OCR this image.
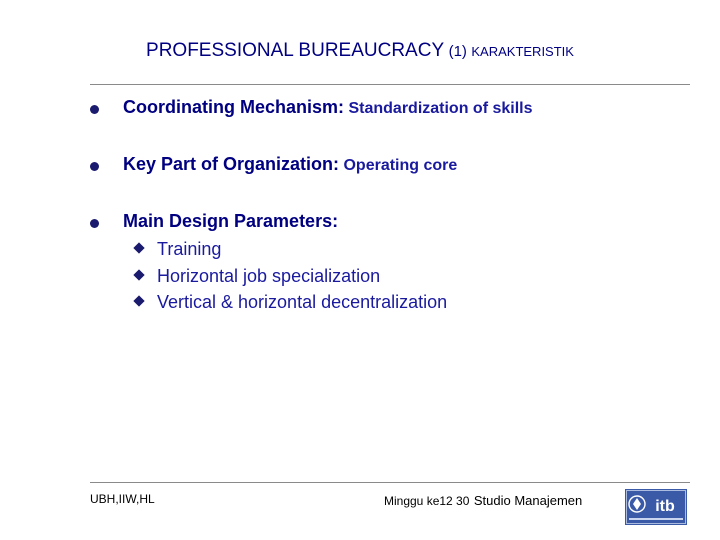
PROFESSIONAL BUREAUCRACY (1) KARAKTERISTIK
Coordinating Mechanism: Standardization of skills
Key Part of Organization: Operating core
Main Design Parameters:
Training
Horizontal job specialization
Vertical & horizontal decentralization
UBH,IIW,HL	Minggu ke12 30 Studio Manajemen	itb
